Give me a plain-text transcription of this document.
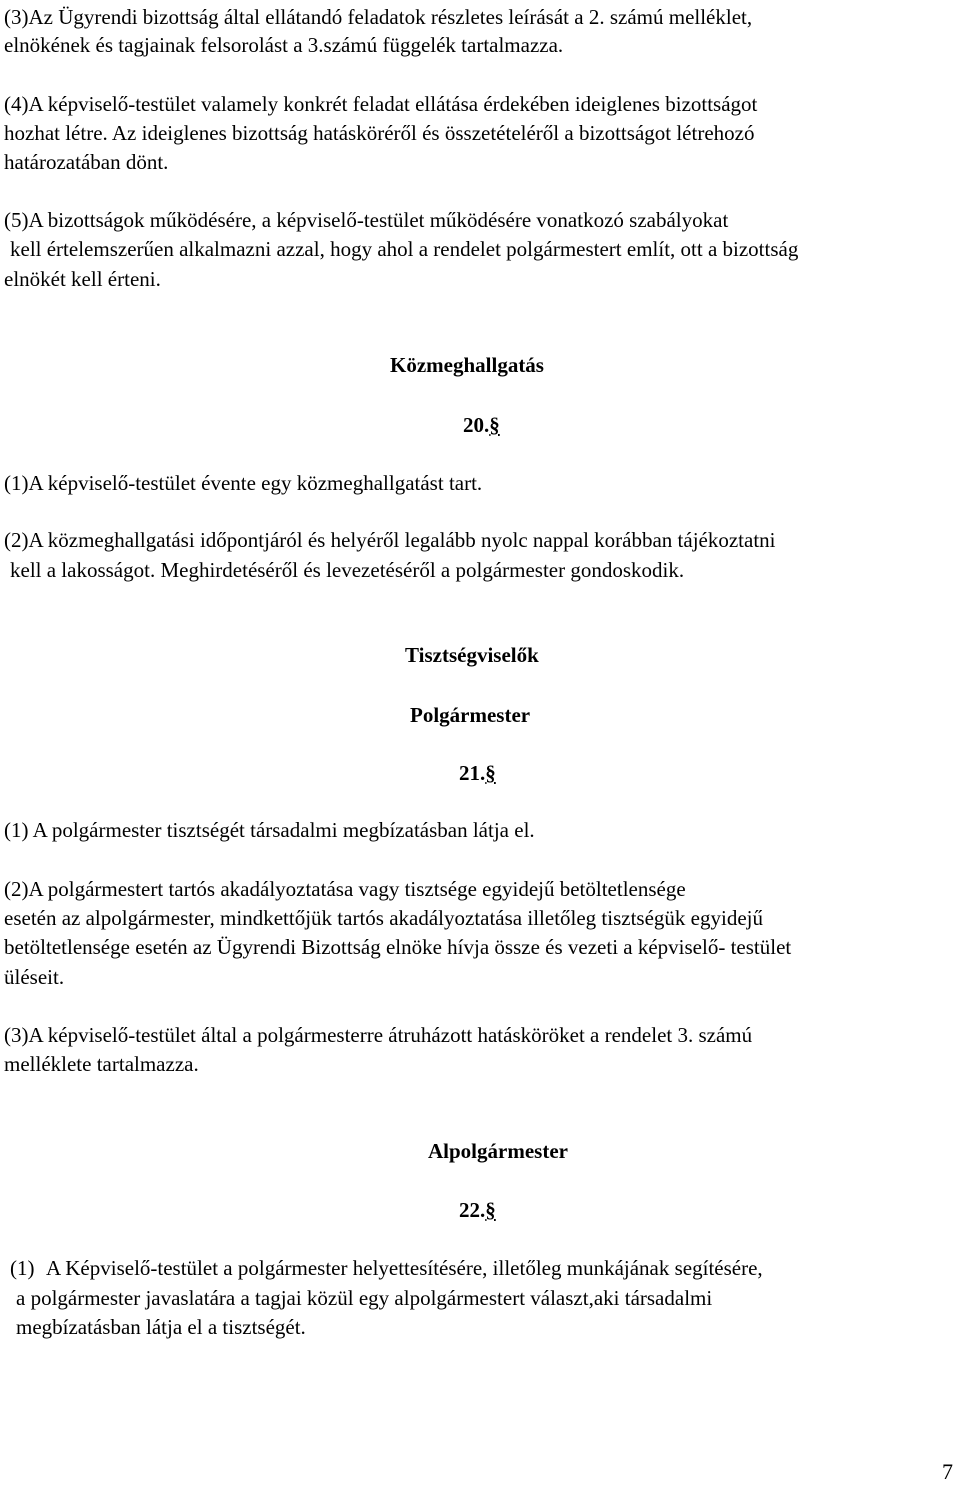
(3)Az Ügyrendi bizottság által ellátandó feladatok részletes leírását a 2. számú melléklet,
elnökének és tagjainak felsorolást a 3.számú függelék tartalmazza.
(4)A képviselő-testület valamely konkrét feladat ellátása érdekében ideiglenes bizottságot
hozhat létre. Az ideiglenes bizottság hatásköréről és összetételéről a bizottságot létrehozó
határozatában dönt.
(5)A bizottságok működésére, a képviselő-testület működésére vonatkozó szabályokat
kell értelemszerűen alkalmazni azzal, hogy ahol a rendelet polgármestert említ, ott a bizottság
elnökét kell érteni.
Közmeghallgatás
20.§
(1)A képviselő-testület évente egy közmeghallgatást tart.
(2)A közmeghallgatási időpontjáról és helyéről legalább nyolc nappal korábban tájékoztatni
kell a lakosságot. Meghirdetéséről és levezetéséről a polgármester gondoskodik.
Tisztségviselők
Polgármester
21.§
(1) A polgármester tisztségét társadalmi megbízatásban látja el.
(2)A polgármestert tartós akadályoztatása vagy tisztsége egyidejű betöltetlensége
esetén az alpolgármester, mindkettőjük tartós akadályoztatása illetőleg tisztségük egyidejű
betöltetlensége esetén az Ügyrendi Bizottság elnöke hívja össze és vezeti a képviselő- testület
üléseit.
(3)A képviselő-testület által a polgármesterre átruházott hatásköröket a rendelet 3. számú
melléklete tartalmazza.
Alpolgármester
22.§
(1) A Képviselő-testület a polgármester helyettesítésére, illetőleg munkájának segítésére,
a polgármester javaslatára a tagjai közül egy alpolgármestert választ,aki társadalmi
megbízatásban látja el a tisztségét.
7
